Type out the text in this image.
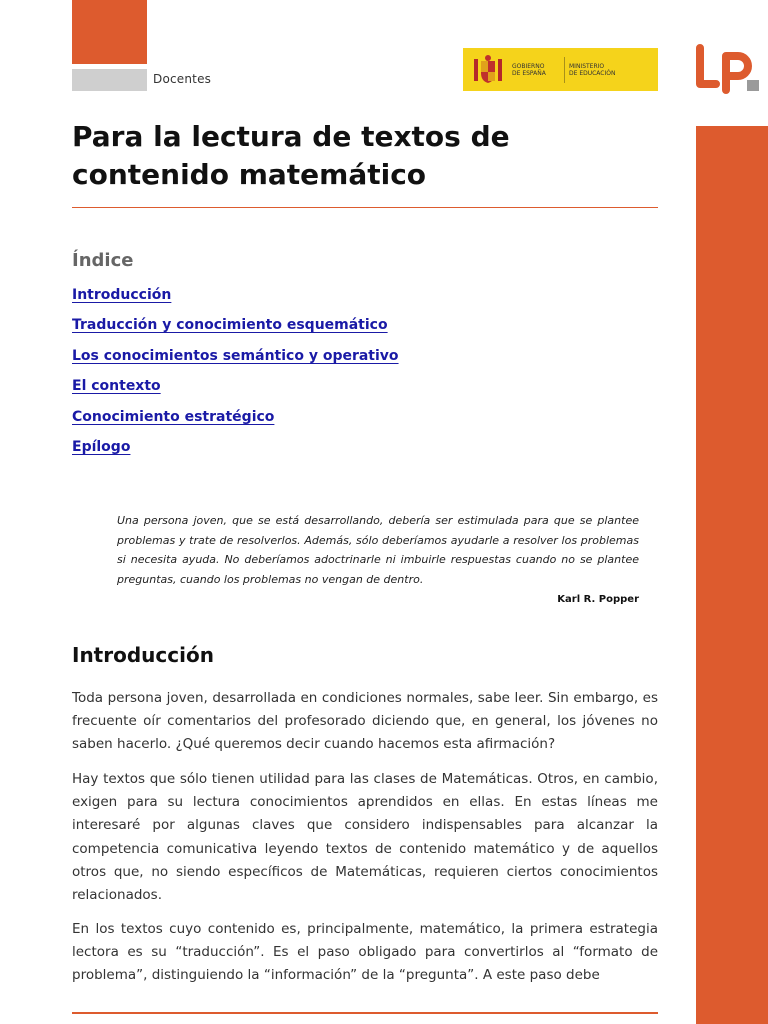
Docentes
GOBIERNO
DE ESPAÑA
MINISTERIO
DE EDUCACIÓN
Para la lectura de textos de contenido matemático
Índice
Introducción
Traducción y conocimiento esquemático
Los conocimientos semántico y operativo
El contexto
Conocimiento estratégico
Epílogo

Una persona joven, que se está desarrollando, debería ser estimulada para que se plantee problemas y trate de resolverlos. Además, sólo deberíamos ayudarle a resolver los problemas si necesita ayuda. No deberíamos adoctrinarle ni imbuirle respuestas cuando no se plantee preguntas, cuando los problemas no vengan de dentro.

Karl R. Popper
Introducción

Toda persona joven, desarrollada en condiciones normales, sabe leer. Sin embargo, es frecuente oír comentarios del profesorado diciendo que, en general, los jóvenes no saben hacerlo. ¿Qué queremos decir cuando hacemos esta afirmación?

Hay textos que sólo tienen utilidad para las clases de Matemáticas. Otros, en cambio, exigen para su lectura conocimientos aprendidos en ellas. En estas líneas me interesaré por algunas claves que considero indispensables para alcanzar la competencia comunicativa leyendo textos de contenido matemático y de aquellos otros que, no siendo específicos de Matemáticas, requieren ciertos conocimientos relacionados.

En los textos cuyo contenido es, principalmente, matemático, la primera estrategia lectora es su “traducción”. Es el paso obligado para convertirlos al “formato de problema”, distinguiendo la “información” de la “pregunta”. A este paso debe
